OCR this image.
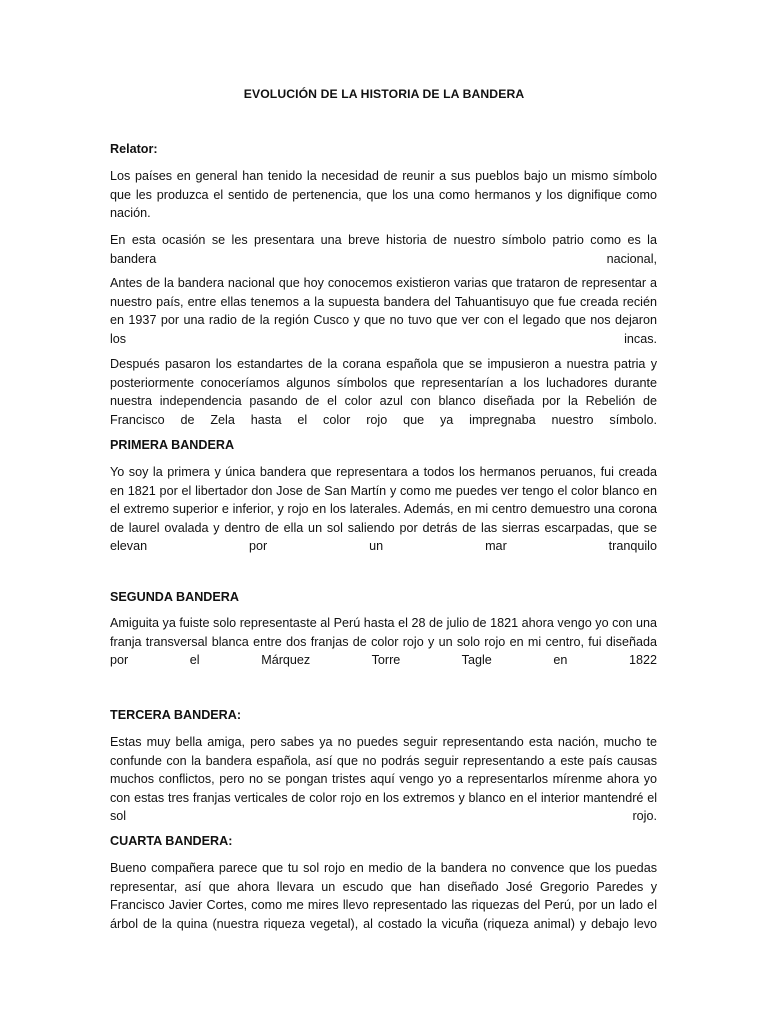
EVOLUCIÓN DE LA HISTORIA DE LA BANDERA
Relator:
Los países en general han tenido la necesidad de reunir a sus pueblos bajo un mismo símbolo que les produzca el sentido de pertenencia, que los una como hermanos y los dignifique como nación.
En esta ocasión se les presentara una breve historia de nuestro símbolo patrio como es la bandera nacional,
Antes de la bandera nacional que hoy conocemos existieron varias que trataron de representar a nuestro país, entre ellas tenemos a la supuesta bandera del Tahuantisuyo que fue creada recién en 1937 por una radio de la región Cusco y que no tuvo que ver con el legado que nos dejaron los incas.
Después pasaron los estandartes de la corana española que se impusieron a nuestra patria y posteriormente conoceríamos algunos símbolos que representarían a los luchadores durante nuestra independencia pasando de el color azul con blanco diseñada por la Rebelión de Francisco de Zela hasta el color rojo que ya impregnaba nuestro símbolo.
PRIMERA BANDERA
Yo soy la primera y única bandera que representara a todos los hermanos peruanos, fui creada en 1821 por el libertador don Jose de San Martín y como me puedes ver tengo el color blanco en el extremo superior e inferior, y rojo en los laterales. Además, en mi centro demuestro una corona de laurel ovalada y dentro de ella un sol saliendo por detrás de las sierras escarpadas, que se elevan por un mar tranquilo
SEGUNDA BANDERA
Amiguita ya fuiste solo representaste al Perú hasta el 28 de julio de 1821 ahora vengo yo con una franja transversal blanca entre dos franjas de color rojo y un solo rojo en mi centro, fui diseñada por el Márquez Torre Tagle en 1822
TERCERA BANDERA:
Estas muy bella amiga, pero sabes ya no puedes seguir representando esta nación, mucho te confunde con la bandera española, así que no podrás seguir representando a este país causas muchos conflictos, pero no se pongan tristes aquí vengo yo a representarlos mírenme ahora yo con estas tres franjas verticales de color rojo en los extremos y blanco en el interior mantendré el sol rojo.
CUARTA BANDERA:
Bueno compañera parece que tu sol rojo en medio de la bandera no convence que los puedas representar, así que ahora llevara un escudo que han diseñado José Gregorio Paredes y Francisco Javier Cortes, como me mires llevo representado las riquezas del Perú, por un lado el árbol de la quina (nuestra riqueza vegetal), al costado la vicuña (riqueza animal) y debajo levo
